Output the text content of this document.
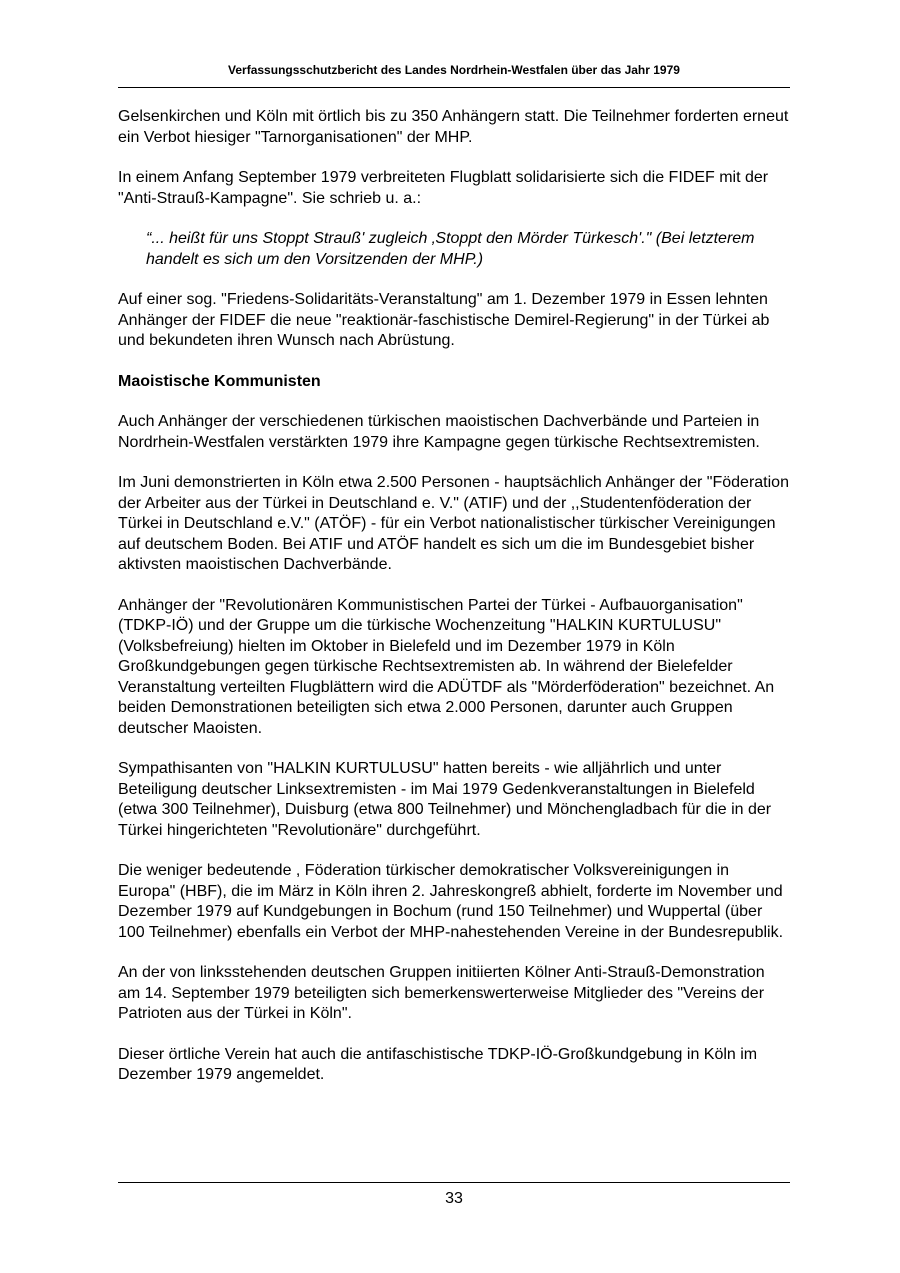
Verfassungsschutzbericht des Landes Nordrhein-Westfalen über das Jahr 1979

Gelsenkirchen und Köln mit örtlich bis zu 350 Anhängern statt. Die Teilnehmer forderten erneut ein Verbot hiesiger "Tarnorganisationen" der MHP.

In einem Anfang September 1979 verbreiteten Flugblatt solidarisierte sich die FIDEF mit der "Anti-Strauß-Kampagne". Sie schrieb u. a.:

“... heißt für uns Stoppt Strauß' zugleich ‚Stoppt den Mörder Türkesch'." (Bei letzterem handelt es sich um den Vorsitzenden der MHP.)

Auf einer sog. "Friedens-Solidaritäts-Veranstaltung" am 1. Dezember 1979 in Essen lehnten Anhänger der FIDEF die neue "reaktionär-faschistische Demirel-Regierung" in der Türkei ab und bekundeten ihren Wunsch nach Abrüstung.

Maoistische Kommunisten

Auch Anhänger der verschiedenen türkischen maoistischen Dachverbände und Parteien in Nordrhein-Westfalen verstärkten 1979 ihre Kampagne gegen türkische Rechtsextremisten.

Im Juni demonstrierten in Köln etwa 2.500 Personen - hauptsächlich Anhänger der "Föderation der Arbeiter aus der Türkei in Deutschland e. V." (ATIF) und der ,,Studentenföderation der Türkei in Deutschland e.V." (ATÖF) - für ein Verbot nationalistischer türkischer Vereinigungen auf deutschem Boden. Bei ATIF und ATÖF handelt es sich um die im Bundesgebiet bisher aktivsten maoistischen Dachverbände.

Anhänger der "Revolutionären Kommunistischen Partei der Türkei - Aufbauorganisation" (TDKP-IÖ) und der Gruppe um die türkische Wochenzeitung "HALKIN KURTULUSU" (Volksbefreiung) hielten im Oktober in Bielefeld und im Dezember 1979 in Köln Großkundgebungen gegen türkische Rechtsextremisten ab. In während der Bielefelder Veranstaltung verteilten Flugblättern wird die ADÜTDF als "Mörderföderation" bezeichnet. An beiden Demonstrationen beteiligten sich etwa 2.000 Personen, darunter auch Gruppen deutscher Maoisten.

Sympathisanten von "HALKIN KURTULUSU" hatten bereits - wie alljährlich und unter Beteiligung deutscher Linksextremisten - im Mai 1979 Gedenkveranstaltungen in Bielefeld (etwa 300 Teilnehmer), Duisburg (etwa 800 Teilnehmer) und Mönchengladbach für die in der Türkei hingerichteten "Revolutionäre" durchgeführt.

Die weniger bedeutende , Föderation türkischer demokratischer Volksvereinigungen in Europa" (HBF), die im März in Köln ihren 2. Jahreskongreß abhielt, forderte im November und Dezember 1979 auf Kundgebungen in Bochum (rund 150 Teilnehmer) und Wuppertal (über 100 Teilnehmer) ebenfalls ein Verbot der MHP-nahestehenden Vereine in der Bundesrepublik.

An der von linksstehenden deutschen Gruppen initiierten Kölner Anti-Strauß-Demonstration am 14. September 1979 beteiligten sich bemerkenswerterweise Mitglieder des "Vereins der Patrioten aus der Türkei in Köln".

Dieser örtliche Verein hat auch die antifaschistische TDKP-IÖ-Großkundgebung in Köln im Dezember 1979 angemeldet.

33
